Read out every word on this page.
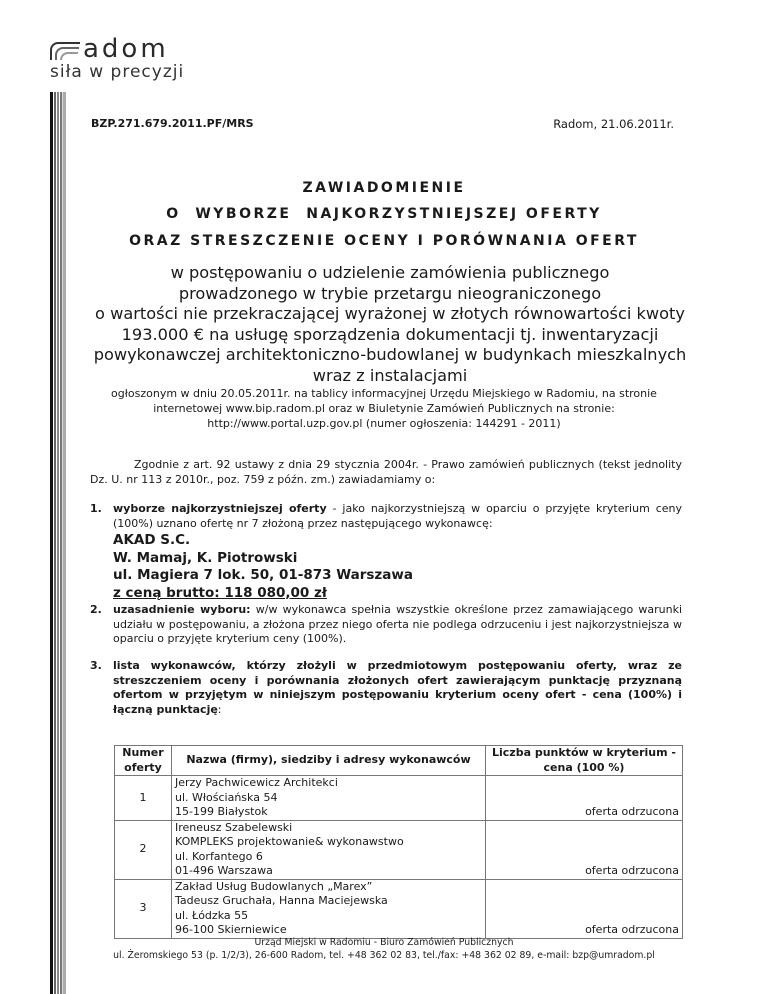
adom
siła w precyzji
BZP.271.679.2011.PF/MRS	Radom, 21.06.2011r.
ZAWIADOMIENIE
O  WYBORZE  NAJKORZYSTNIEJSZEJ OFERTY
ORAZ STRESZCZENIE OCENY I PORÓWNANIA OFERT
w postępowaniu o udzielenie zamówienia publicznego
prowadzonego w trybie przetargu nieograniczonego
o wartości nie przekraczającej wyrażonej w złotych równowartości kwoty
193.000 € na usługę sporządzenia dokumentacji tj. inwentaryzacji
powykonawczej architektoniczno-budowlanej w budynkach mieszkalnych
wraz z instalacjami
ogłoszonym w dniu 20.05.2011r. na tablicy informacyjnej Urzędu Miejskiego w Radomiu, na stronie
internetowej www.bip.radom.pl oraz w Biuletynie Zamówień Publicznych na stronie:
http://www.portal.uzp.gov.pl (numer ogłoszenia: 144291 - 2011)
Zgodnie z art. 92 ustawy z dnia 29 stycznia 2004r. - Prawo zamówień publicznych (tekst jednolity Dz. U. nr 113 z 2010r., poz. 759 z późn. zm.) zawiadamiamy o:
1. wyborze najkorzystniejszej oferty - jako najkorzystniejszą w oparciu o przyjęte kryterium ceny (100%) uznano ofertę nr 7 złożoną przez następującego wykonawcę:
AKAD S.C.
W. Mamaj, K. Piotrowski
ul. Magiera 7 lok. 50, 01-873 Warszawa
z ceną brutto: 118 080,00 zł
2. uzasadnienie wyboru: w/w wykonawca spełnia wszystkie określone przez zamawiającego warunki udziału w postępowaniu, a złożona przez niego oferta nie podlega odrzuceniu i jest najkorzystniejsza w oparciu o przyjęte kryterium ceny (100%).
3. lista wykonawców, którzy złożyli w przedmiotowym postępowaniu oferty, wraz ze streszczeniem oceny i porównania złożonych ofert zawierającym punktację przyznaną ofertom w przyjętym w niniejszym postępowaniu kryterium oceny ofert - cena (100%) i łączną punktację:
Numer oferty	Nazwa (firmy), siedziby i adresy wykonawców	Liczba punktów w kryterium - cena (100 %)
1	Jerzy Pachwicewicz Architekci
ul. Włościańska 54
15-199 Białystok	oferta odrzucona
2	Ireneusz Szabelewski
KOMPLEKS projektowanie& wykonawstwo
ul. Korfantego 6
01-496 Warszawa	oferta odrzucona
3	Zakład Usług Budowlanych „Marex”
Tadeusz Gruchała, Hanna Maciejewska
ul. Łódzka 55
96-100 Skierniewice	oferta odrzucona
Urząd Miejski w Radomiu - Biuro Zamówień Publicznych
ul. Żeromskiego 53 (p. 1/2/3), 26-600 Radom, tel. +48 362 02 83, tel./fax: +48 362 02 89, e-mail: bzp@umradom.pl
